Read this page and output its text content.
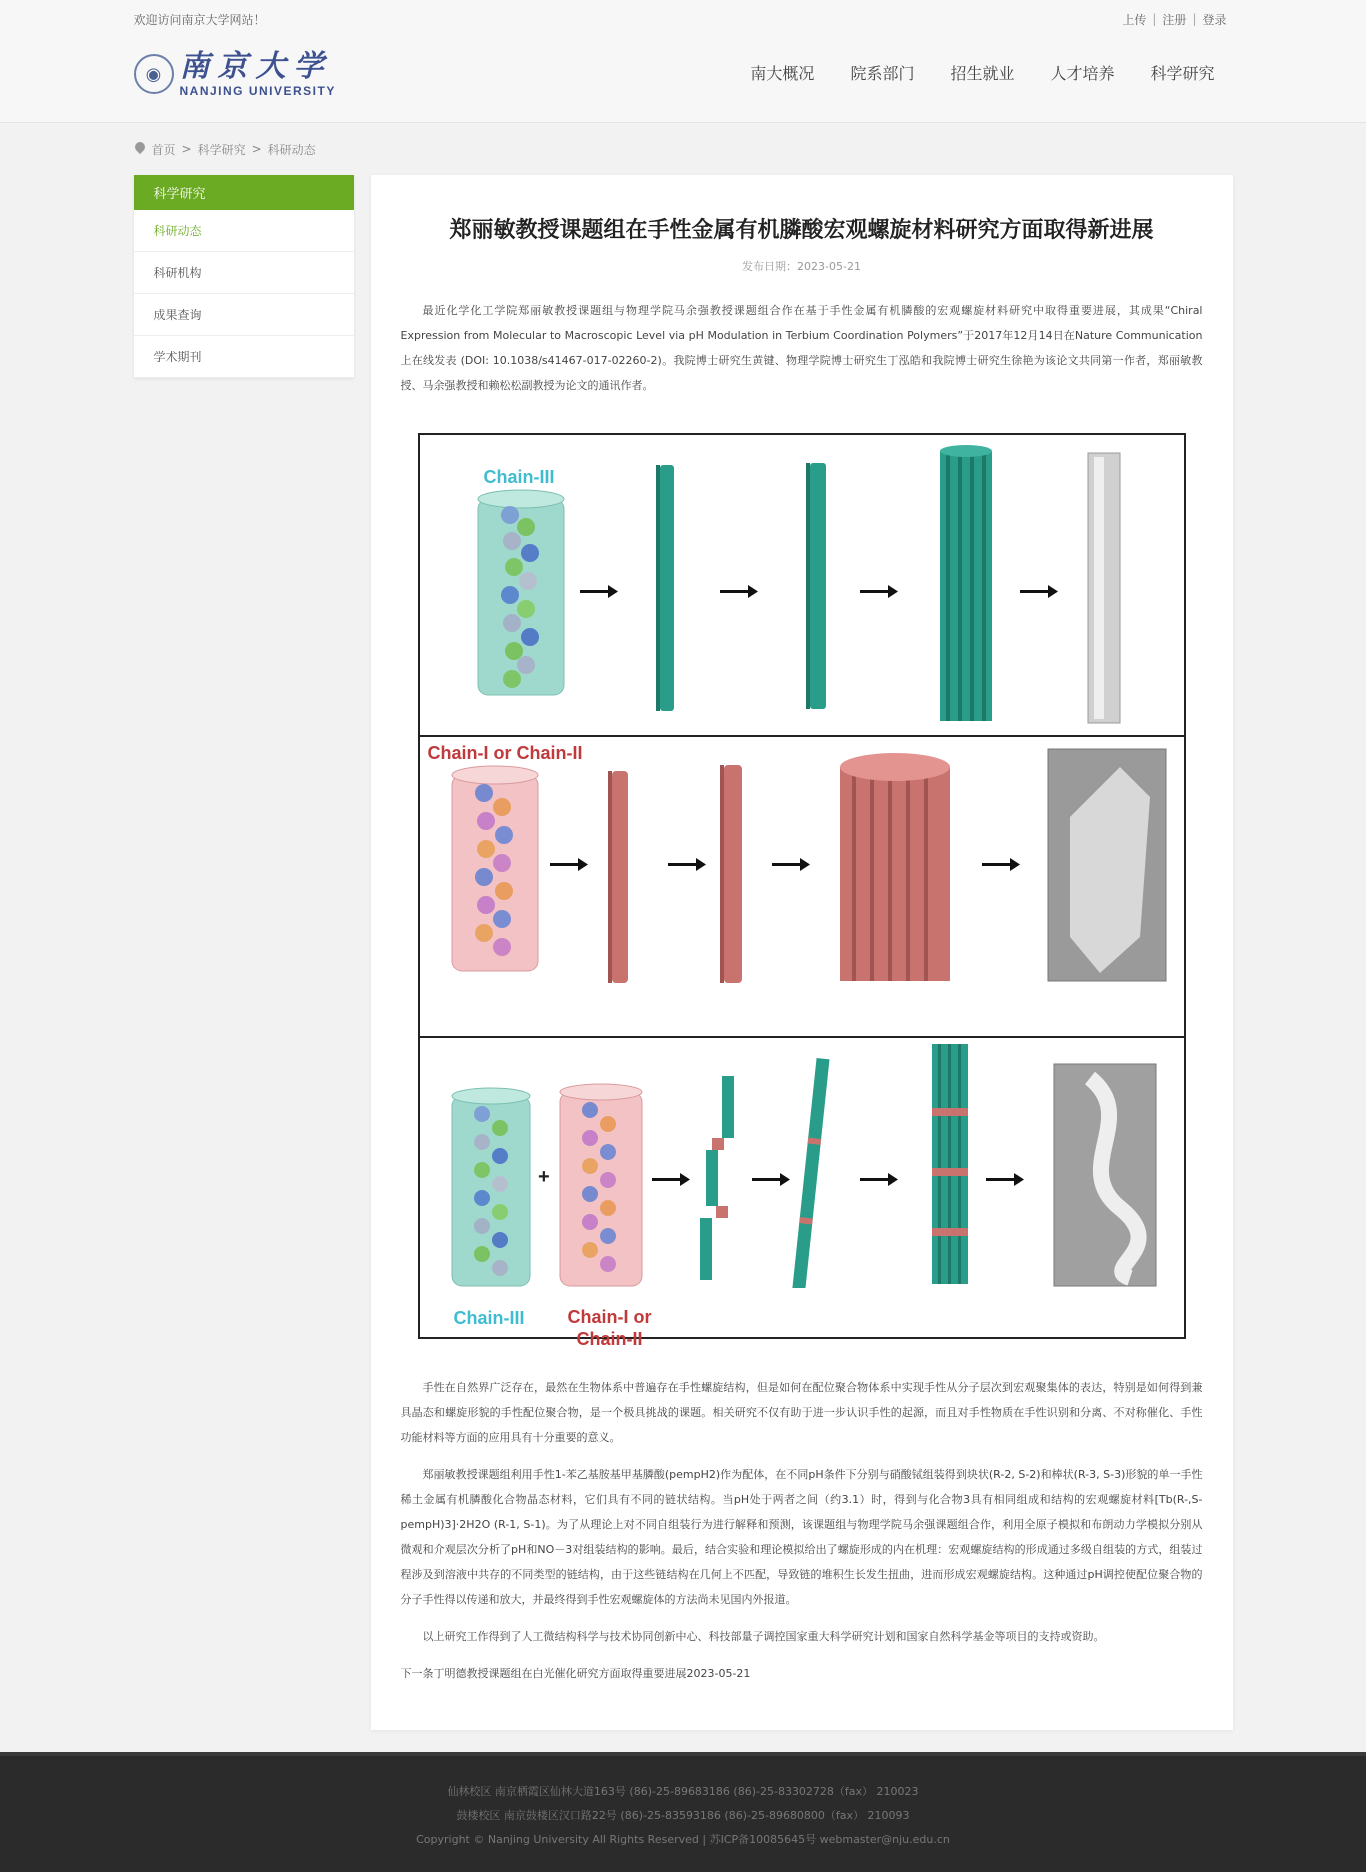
欢迎访问南京大学网站！	上传 | 注册 | 登录
◉ 南京大学
NANJING UNIVERSITY
南大概况	院系部门	招生就业	人才培养	科学研究
首页 > 科学研究 > 科研动态
科学研究
科研动态
科研机构
成果查询
学术期刊
郑丽敏教授课题组在手性金属有机膦酸宏观螺旋材料研究方面取得新进展
发布日期：2023-05-21

最近化学化工学院郑丽敏教授课题组与物理学院马余强教授课题组合作在基于手性金属有机膦酸的宏观螺旋材料研究中取得重要进展，其成果“Chiral Expression from Molecular to Macroscopic Level via pH Modulation in Terbium Coordination Polymers”于2017年12月14日在Nature Communication上在线发表 (DOI: 10.1038/s41467-017-02260-2)。我院博士研究生黄键、物理学院博士研究生丁泓皓和我院博士研究生徐艳为该论文共同第一作者，郑丽敏教授、马余强教授和赖松松副教授为论文的通讯作者。

Chain-III
Chain-I or Chain-II
Chain-III	Chain-I or
Chain-II
+

手性在自然界广泛存在，最然在生物体系中普遍存在手性螺旋结构，但是如何在配位聚合物体系中实现手性从分子层次到宏观聚集体的表达，特别是如何得到兼具晶态和螺旋形貌的手性配位聚合物，是一个极具挑战的课题。相关研究不仅有助于进一步认识手性的起源，而且对手性物质在手性识别和分离、不对称催化、手性功能材料等方面的应用具有十分重要的意义。

郑丽敏教授课题组利用手性1-苯乙基胺基甲基膦酸(pempH2)作为配体，在不同pH条件下分别与硝酸铽组装得到块状(R-2, S-2)和棒状(R-3, S-3)形貌的单一手性稀土金属有机膦酸化合物晶态材料，它们具有不同的链状结构。当pH处于两者之间（约3.1）时，得到与化合物3具有相同组成和结构的宏观螺旋材料[Tb(R-,S-pempH)3]·2H2O (R-1, S-1)。为了从理论上对不同自组装行为进行解释和预测，该课题组与物理学院马余强课题组合作，利用全原子模拟和布朗动力学模拟分别从微观和介观层次分析了pH和NO－3对组装结构的影响。最后，结合实验和理论模拟给出了螺旋形成的内在机理：宏观螺旋结构的形成通过多级自组装的方式，组装过程涉及到溶液中共存的不同类型的链结构，由于这些链结构在几何上不匹配，导致链的堆积生长发生扭曲，进而形成宏观螺旋结构。这种通过pH调控使配位聚合物的分子手性得以传递和放大，并最终得到手性宏观螺旋体的方法尚未见国内外报道。

以上研究工作得到了人工微结构科学与技术协同创新中心、科技部量子调控国家重大科学研究计划和国家自然科学基金等项目的支持或资助。

下一条丁明德教授课题组在白光催化研究方面取得重要进展2023-05-21

仙林校区 南京栖霞区仙林大道163号 (86)-25-89683186 (86)-25-83302728（fax） 210023
鼓楼校区 南京鼓楼区汉口路22号 (86)-25-83593186 (86)-25-89680800（fax） 210093
Copyright © Nanjing University All Rights Reserved | 苏ICP备10085645号 webmaster@nju.edu.cn
